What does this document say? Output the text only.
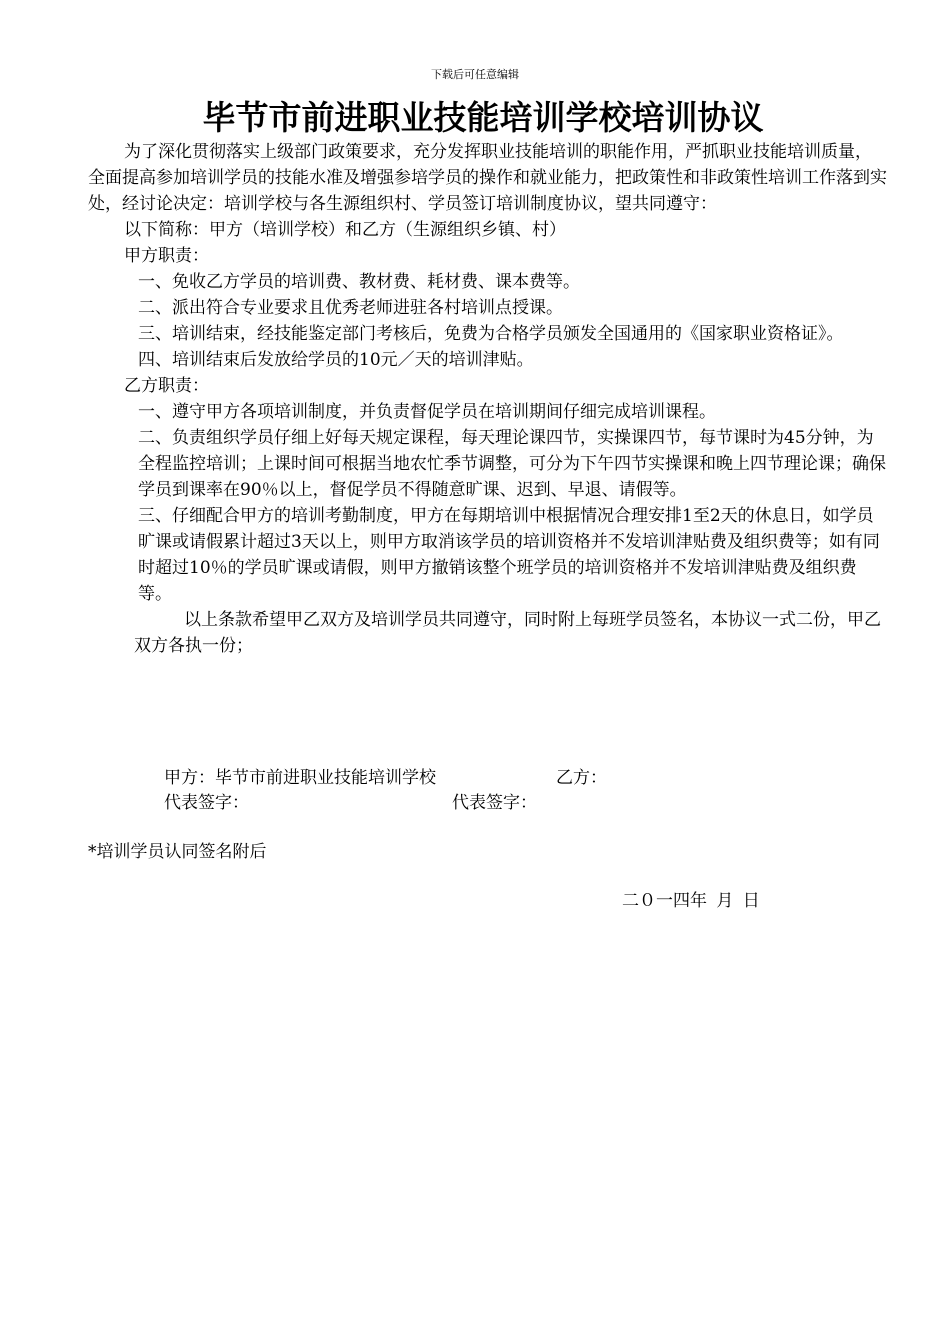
下载后可任意编辑
毕节市前进职业技能培训学校培训协议

为了深化贯彻落实上级部门政策要求，充分发挥职业技能培训的职能作用，严抓职业技能培训质量，全面提高参加培训学员的技能水准及增强参培学员的操作和就业能力，把政策性和非政策性培训工作落到实处，经讨论决定：培训学校与各生源组织村、学员签订培训制度协议，望共同遵守：

以下简称：甲方（培训学校）和乙方（生源组织乡镇、村）

甲方职责：

一、免收乙方学员的培训费、教材费、耗材费、课本费等。

二、派出符合专业要求且优秀老师进驻各村培训点授课。

三、培训结束，经技能鉴定部门考核后，免费为合格学员颁发全国通用的《国家职业资格证》。

四、培训结束后发放给学员的10元／天的培训津贴。

乙方职责：

一、遵守甲方各项培训制度，并负责督促学员在培训期间仔细完成培训课程。

二、负责组织学员仔细上好每天规定课程，每天理论课四节，实操课四节，每节课时为45分钟，为全程监控培训；上课时间可根据当地农忙季节调整，可分为下午四节实操课和晚上四节理论课；确保学员到课率在90％以上，督促学员不得随意旷课、迟到、早退、请假等。

三、仔细配合甲方的培训考勤制度，甲方在每期培训中根据情况合理安排1至2天的休息日，如学员旷课或请假累计超过3天以上，则甲方取消该学员的培训资格并不发培训津贴费及组织费等；如有同时超过10％的学员旷课或请假，则甲方撤销该整个班学员的培训资格并不发培训津贴费及组织费等。

以上条款希望甲乙双方及培训学员共同遵守，同时附上每班学员签名，本协议一式二份，甲乙双方各执一份；

甲方：毕节市前进职业技能培训学校	乙方：
代表签字：	代表签字：
*培训学员认同签名附后
二０一四年 月 日
